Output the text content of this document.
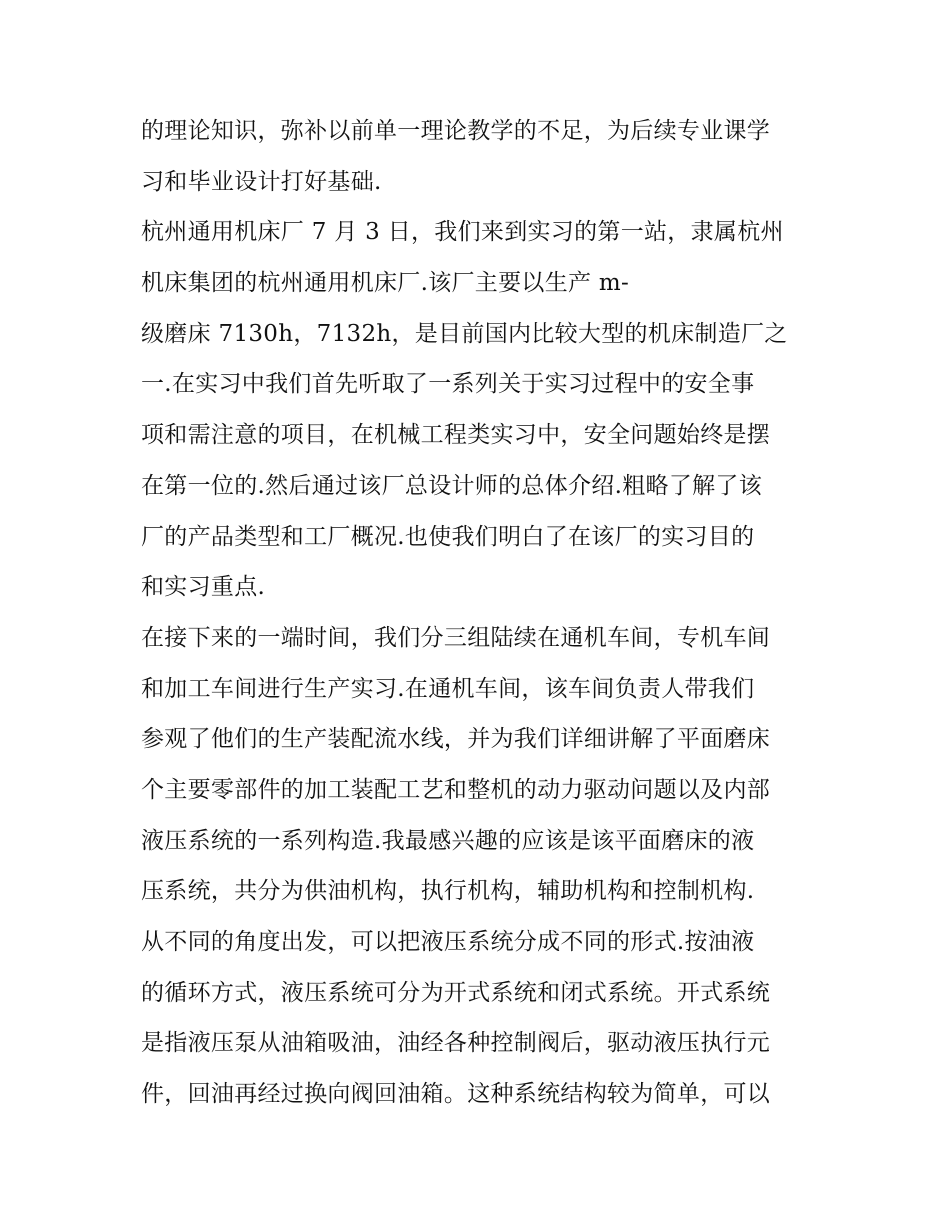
的理论知识，弥补以前单一理论教学的不足，为后续专业课学
习和毕业设计打好基础.
杭州通用机床厂 7 月 3 日，我们来到实习的第一站，隶属杭州
机床集团的杭州通用机床厂.该厂主要以生产 m-
级磨床 7130h，7132h，是目前国内比较大型的机床制造厂之
一.在实习中我们首先听取了一系列关于实习过程中的安全事
项和需注意的项目，在机械工程类实习中，安全问题始终是摆
在第一位的.然后通过该厂总设计师的总体介绍.粗略了解了该
厂的产品类型和工厂概况.也使我们明白了在该厂的实习目的
和实习重点.
在接下来的一端时间，我们分三组陆续在通机车间，专机车间
和加工车间进行生产实习.在通机车间，该车间负责人带我们
参观了他们的生产装配流水线，并为我们详细讲解了平面磨床
个主要零部件的加工装配工艺和整机的动力驱动问题以及内部
液压系统的一系列构造.我最感兴趣的应该是该平面磨床的液
压系统，共分为供油机构，执行机构，辅助机构和控制机构.
从不同的角度出发，可以把液压系统分成不同的形式.按油液
的循环方式，液压系统可分为开式系统和闭式系统。开式系统
是指液压泵从油箱吸油，油经各种控制阀后，驱动液压执行元
件，回油再经过换向阀回油箱。这种系统结构较为简单，可以
